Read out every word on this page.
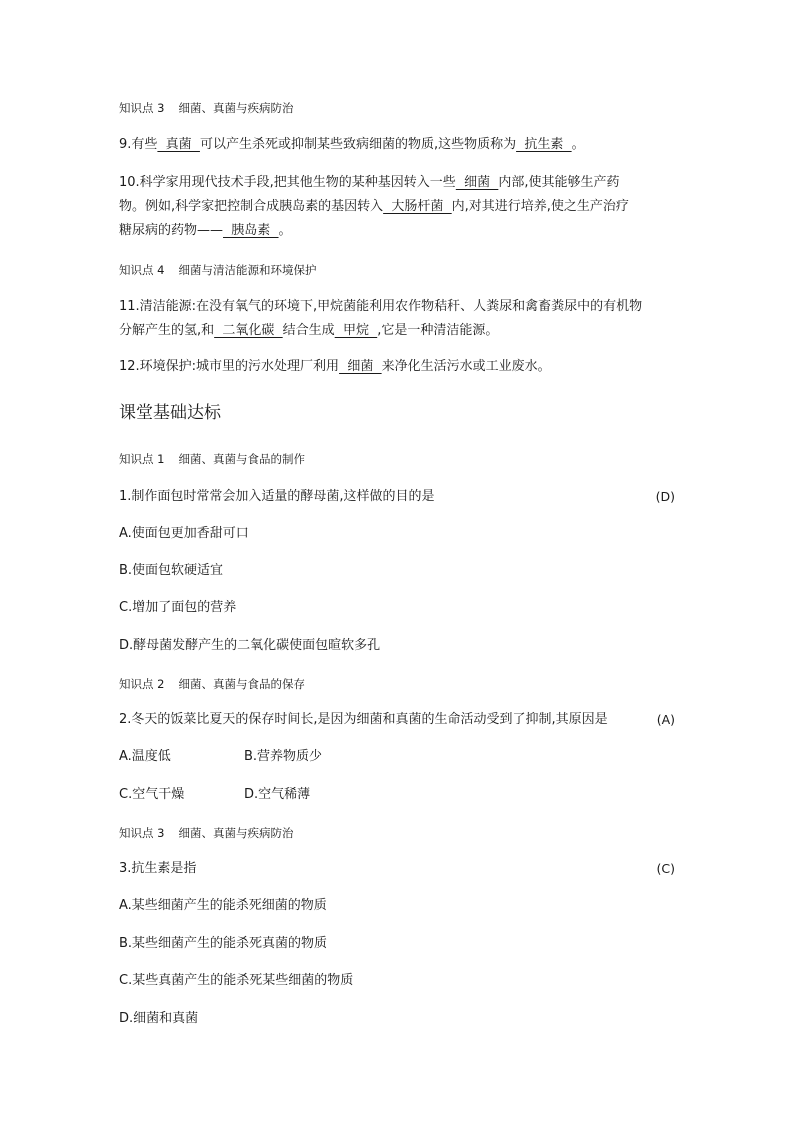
知识点 3 细菌、真菌与疾病防治
9.有些  真菌  可以产生杀死或抑制某些致病细菌的物质,这些物质称为  抗生素  。
10.科学家用现代技术手段,把其他生物的某种基因转入一些  细菌  内部,使其能够生产药
物。例如,科学家把控制合成胰岛素的基因转入  大肠杆菌  内,对其进行培养,使之生产治疗
糖尿病的药物——  胰岛素  。
知识点 4 细菌与清洁能源和环境保护
11.清洁能源:在没有氧气的环境下,甲烷菌能利用农作物秸秆、人粪尿和禽畜粪尿中的有机物
分解产生的氢,和  二氧化碳  结合生成  甲烷  ,它是一种清洁能源。
12.环境保护:城市里的污水处理厂利用  细菌  来净化生活污水或工业废水。
课堂基础达标
知识点 1 细菌、真菌与食品的制作
1.制作面包时常常会加入适量的酵母菌,这样做的目的是	(D)
A.使面包更加香甜可口
B.使面包软硬适宜
C.增加了面包的营养
D.酵母菌发酵产生的二氧化碳使面包暄软多孔
知识点 2 细菌、真菌与食品的保存
2.冬天的饭菜比夏天的保存时间长,是因为细菌和真菌的生命活动受到了抑制,其原因是	(A)
A.温度低	B.营养物质少
C.空气干燥	D.空气稀薄
知识点 3 细菌、真菌与疾病防治
3.抗生素是指	(C)
A.某些细菌产生的能杀死细菌的物质
B.某些细菌产生的能杀死真菌的物质
C.某些真菌产生的能杀死某些细菌的物质
D.细菌和真菌
